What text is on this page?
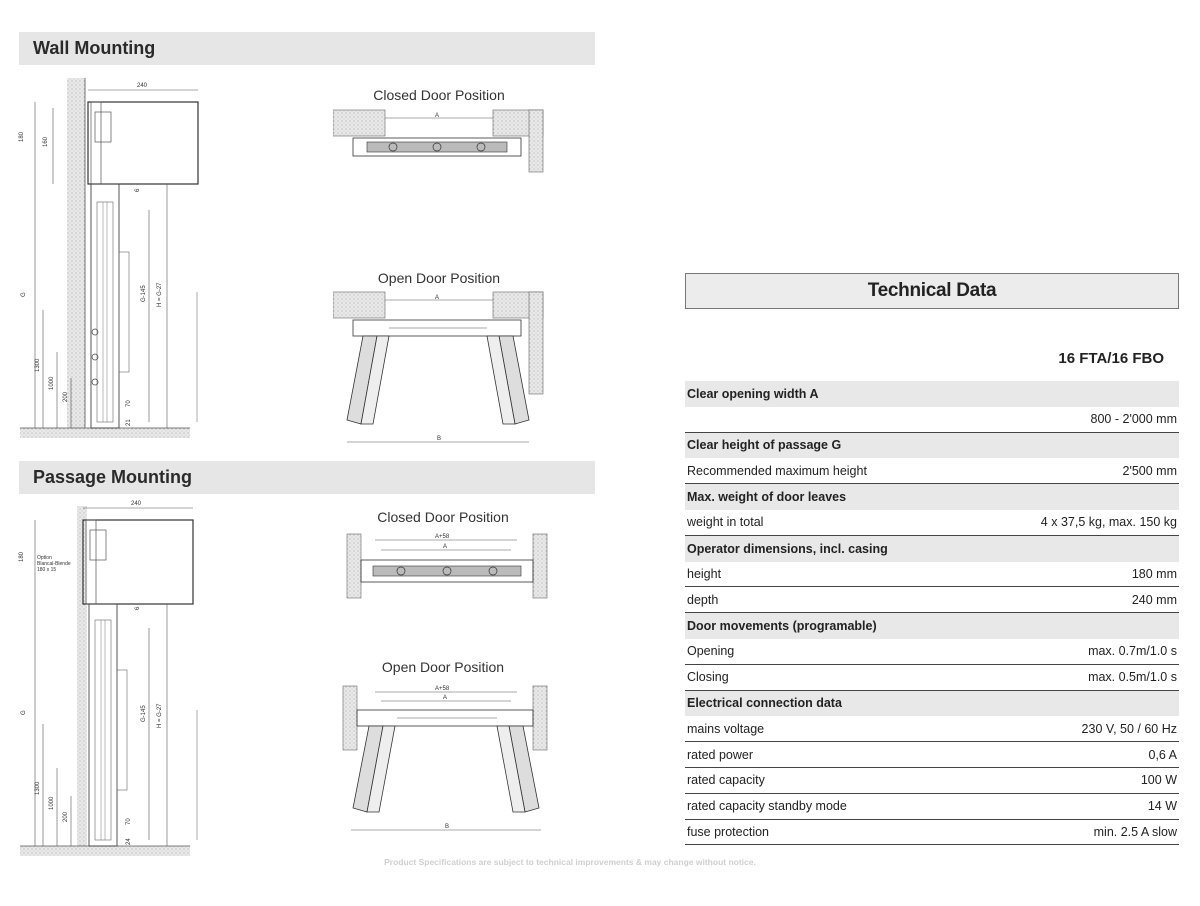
Wall Mounting
240
180	160
G	G-145 H = G-27
6
70
21
1300
1000
200
Closed Door Position
A
Open Door Position
A
B
Passage Mounting
240
180 Option
Blancal-Blende
180 x 15
G	G-145 H = G-27
6
70
24
1300
1000
200
Closed Door Position
A+58
A
Open Door Position
A+58
A
B
Technical Data
16 FTA/16 FBO
Clear opening width A
800 - 2'000 mm
Clear height of passage G
Recommended maximum height	2'500 mm
Max. weight of door leaves
weight in total	4 x 37,5 kg, max. 150 kg
Operator dimensions, incl. casing
height	180 mm
depth	240 mm
Door movements (programable)
Opening	max. 0.7m/1.0 s
Closing	max. 0.5m/1.0 s
Electrical connection data
mains voltage	230 V, 50 / 60 Hz
rated power	0,6 A
rated capacity	100 W
rated capacity standby mode	14 W
fuse protection	min. 2.5 A slow
Product Specifications are subject to technical improvements & may change without notice.
